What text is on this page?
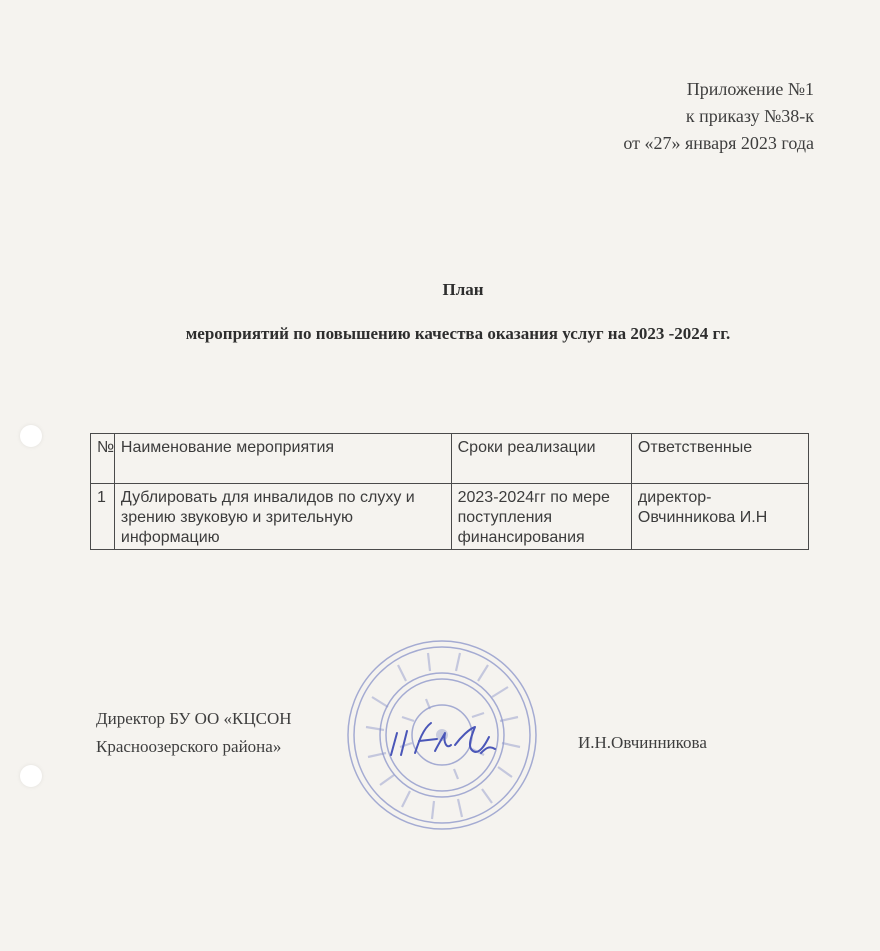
Приложение №1
к приказу №38-к
от «27» января 2023 года
План
мероприятий по повышению качества оказания услуг на 2023 -2024 гг.
№	Наименование мероприятия	Сроки реализации	Ответственные
1	Дублировать для инвалидов по слуху и зрению звуковую и зрительную информацию	2023-2024гг по мере поступления финансирования	директор-Овчинникова И.Н
Директор БУ ОО «КЦСОН
Красноозерского района»	И.Н.Овчинникова
